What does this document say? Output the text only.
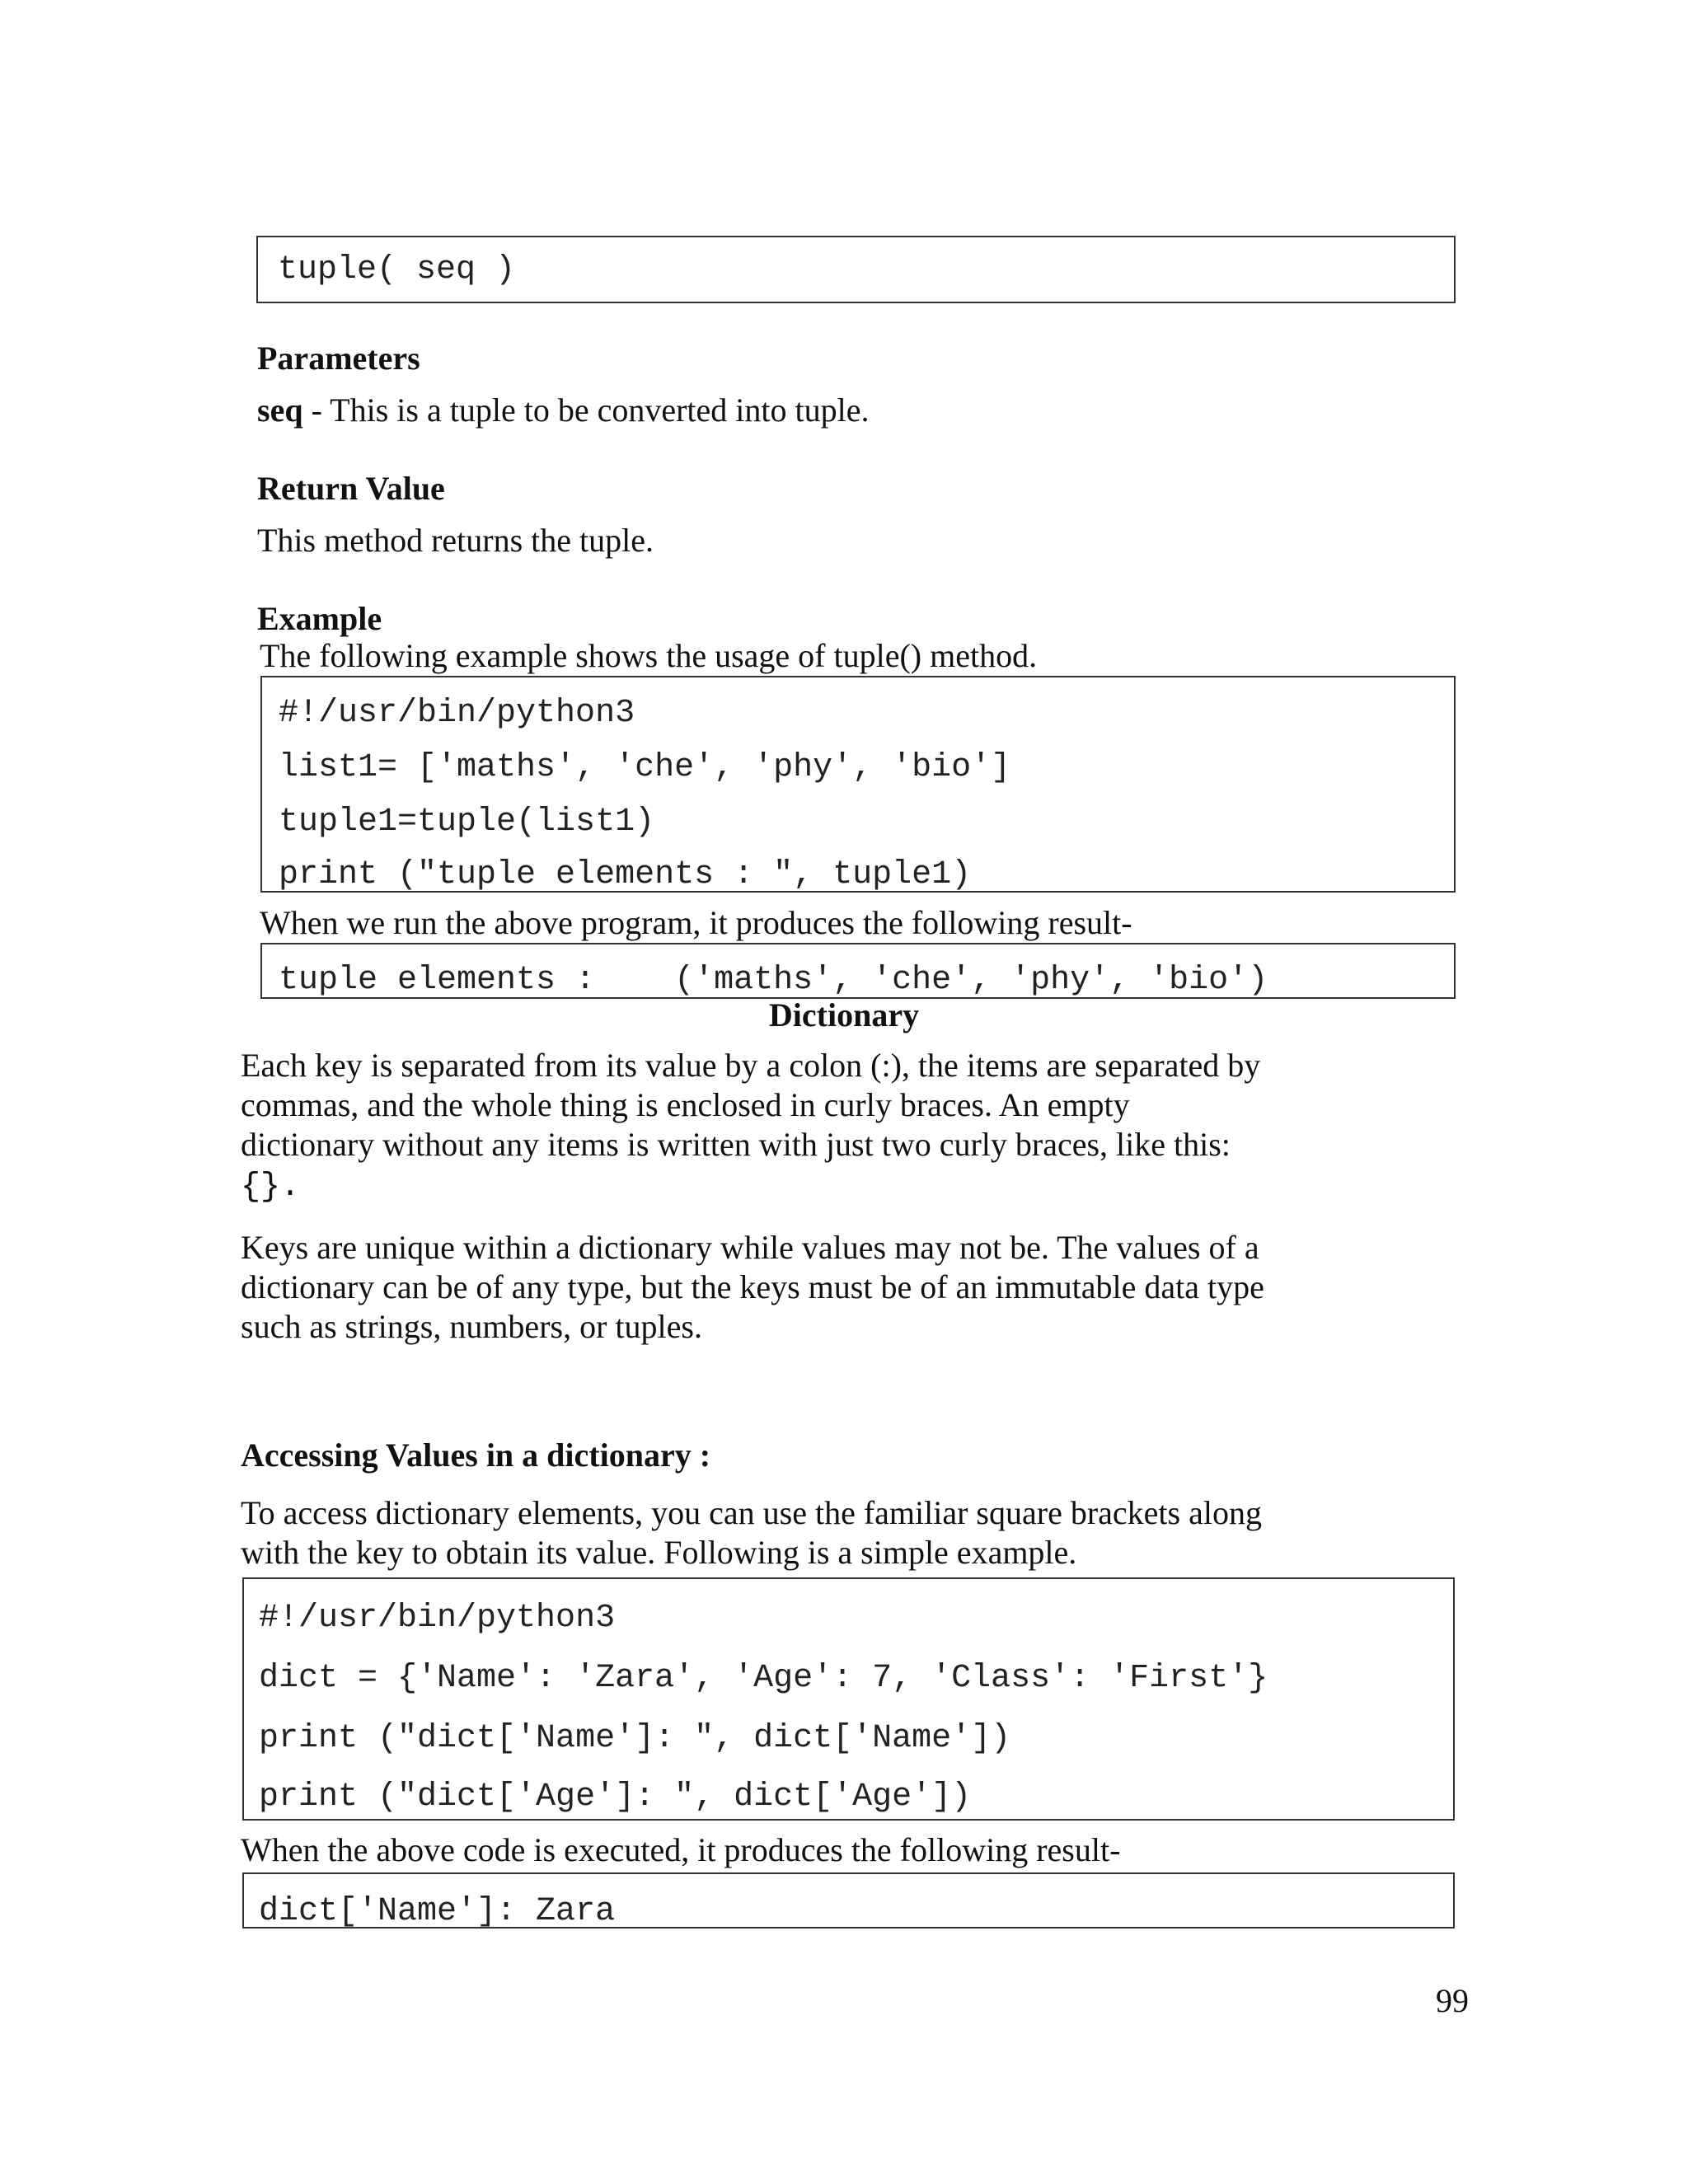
tuple( seq )
Parameters
seq - This is a tuple to be converted into tuple.
Return Value
This method returns the tuple.
Example
The following example shows the usage of tuple() method.
#!/usr/bin/python3
list1= ['maths', 'che', 'phy', 'bio']
tuple1=tuple(list1)
print ("tuple elements : ", tuple1)
When we run the above program, it produces the following result-
tuple elements :    ('maths', 'che', 'phy', 'bio')
Dictionary
Each key is separated from its value by a colon (:), the items are separated by
commas, and the whole thing is enclosed in curly braces. An empty
dictionary without any items is written with just two curly braces, like this:
{}.
Keys are unique within a dictionary while values may not be. The values of a
dictionary can be of any type, but the keys must be of an immutable data type
such as strings, numbers, or tuples.
Accessing Values in a dictionary :
To access dictionary elements, you can use the familiar square brackets along
with the key to obtain its value. Following is a simple example.
#!/usr/bin/python3
dict = {'Name': 'Zara', 'Age': 7, 'Class': 'First'}
print ("dict['Name']: ", dict['Name'])
print ("dict['Age']: ", dict['Age'])
When the above code is executed, it produces the following result-
dict['Name']: Zara
99
